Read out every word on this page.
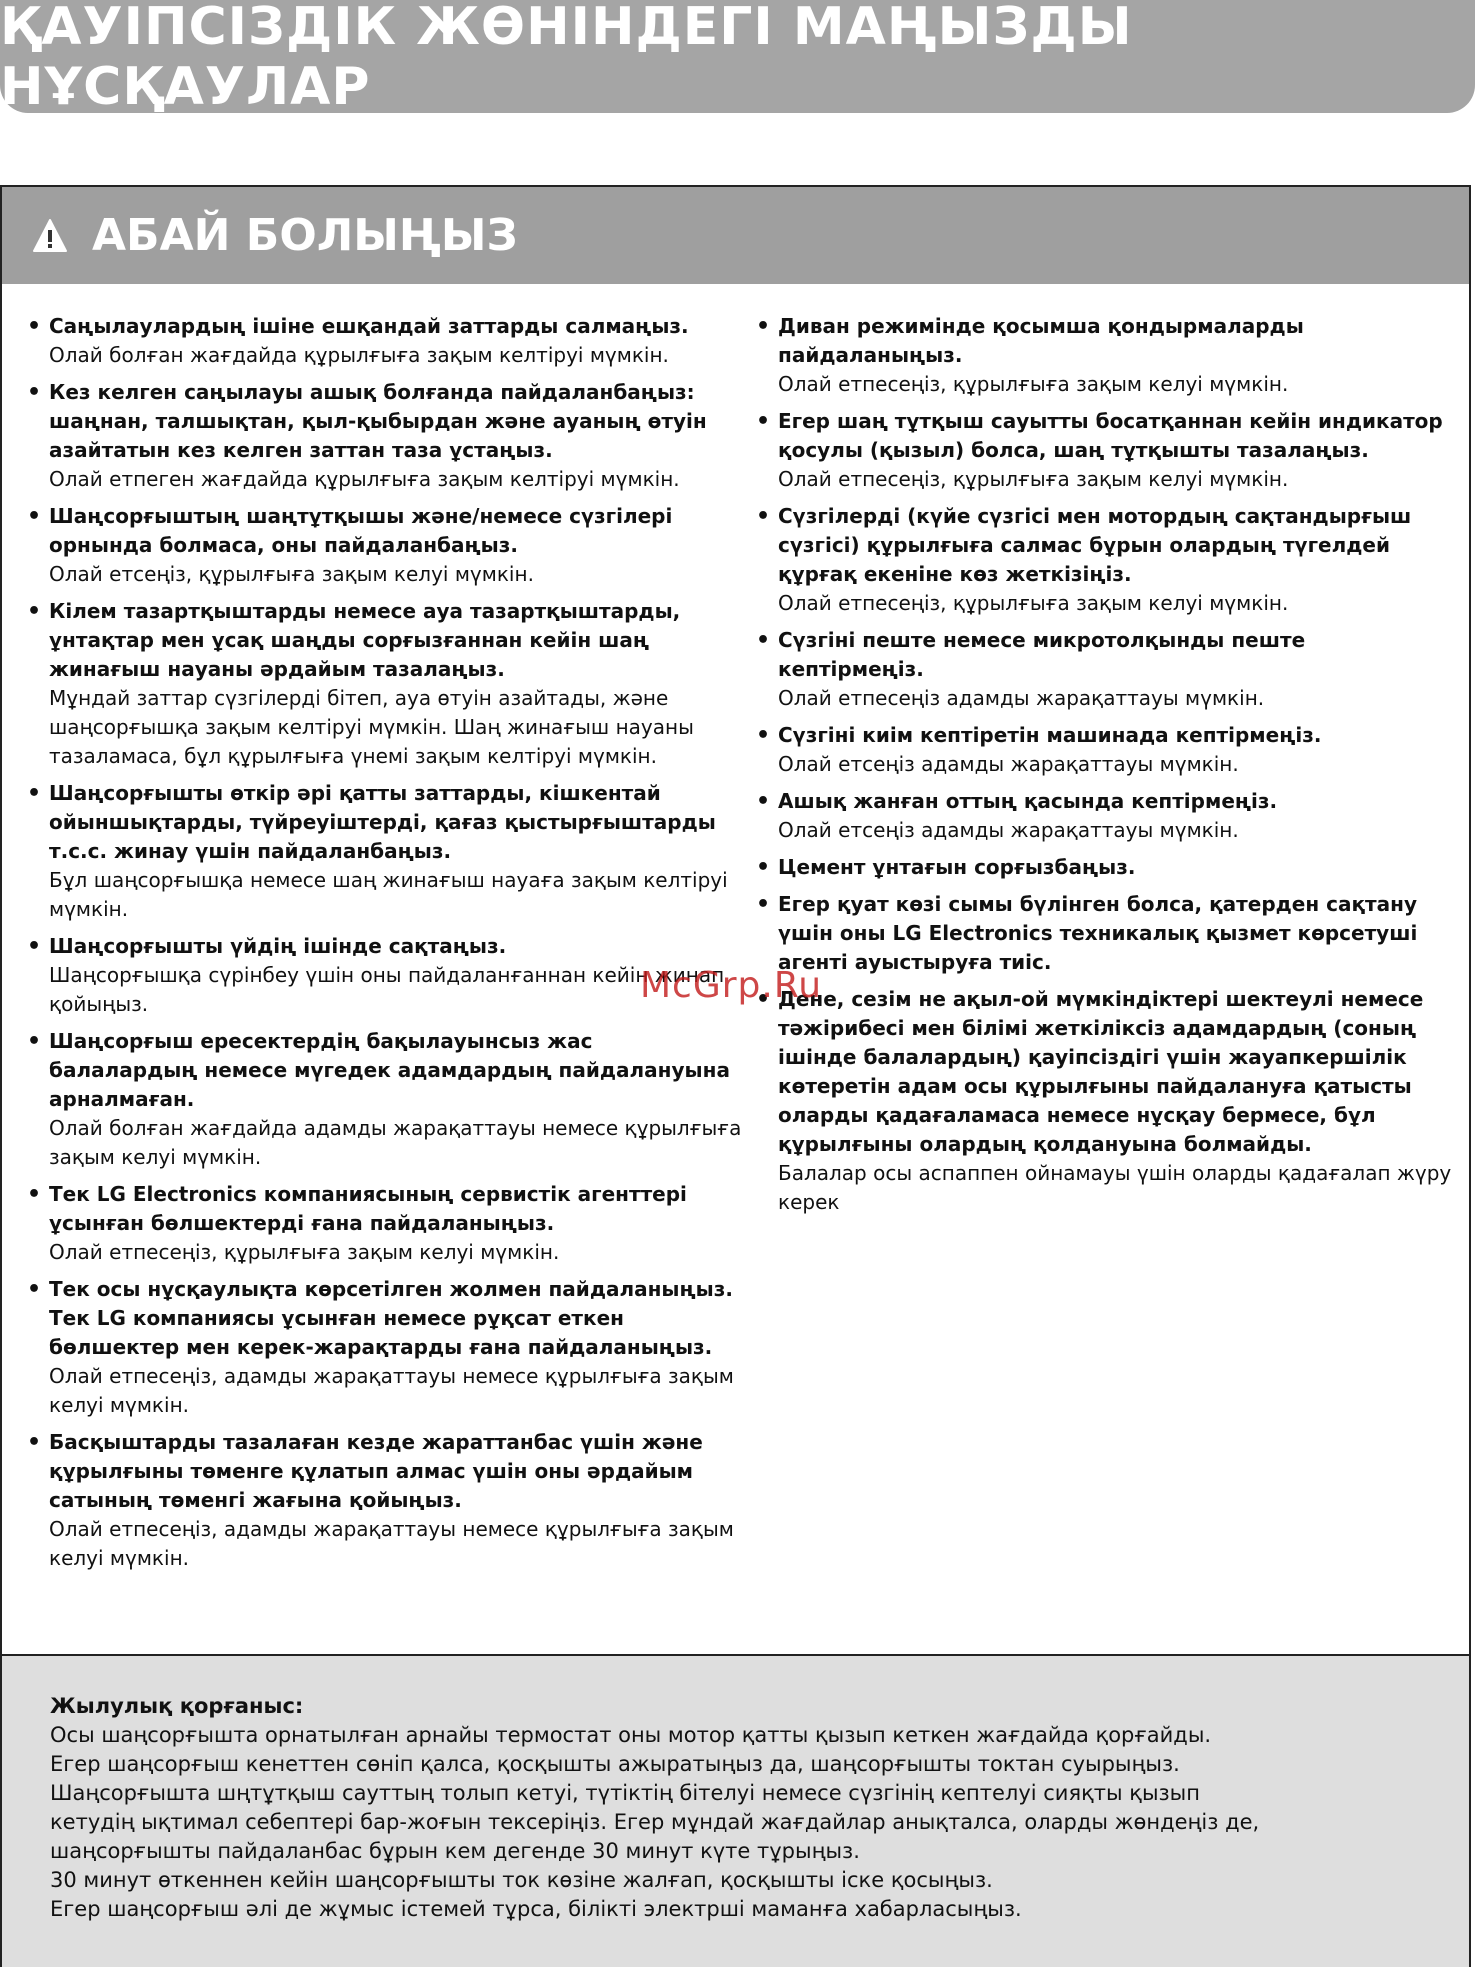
ҚАУІПСІЗДІК ЖӨНІНДЕГІ МАҢЫЗДЫ НҰСҚАУЛАР
АБАЙ БОЛЫҢЫЗ
• Саңылаулардың ішіне ешқандай заттарды салмаңыз.
Олай болған жағдайда құрылғыға зақым келтіруі мүмкін.
• Кез келген саңылауы ашық болғанда пайдаланбаңыз: шаңнан, талшықтан, қыл-қыбырдан және ауаның өтуін азайтатын кез келген заттан таза ұстаңыз.
Олай етпеген жағдайда құрылғыға зақым келтіруі мүмкін.
• Шаңсорғыштың шаңтұтқышы және/немесе сүзгілері орнында болмаса, оны пайдаланбаңыз.
Олай етсеңіз, құрылғыға зақым келуі мүмкін.
• Кілем тазартқыштарды немесе ауа тазартқыштарды, ұнтақтар мен ұсақ шаңды сорғызғаннан кейін шаң жинағыш науаны әрдайым тазалаңыз.
Мұндай заттар сүзгілерді бітеп, ауа өтуін азайтады, және шаңсорғышқа зақым келтіруі мүмкін. Шаң жинағыш науаны тазаламаса, бұл құрылғыға үнемі зақым келтіруі мүмкін.
• Шаңсорғышты өткір әрі қатты заттарды, кішкентай ойыншықтарды, түйреуіштерді, қағаз қыстырғыштарды т.с.с. жинау үшін пайдаланбаңыз.
Бұл шаңсорғышқа немесе шаң жинағыш науаға зақым келтіруі мүмкін.
• Шаңсорғышты үйдің ішінде сақтаңыз.
Шаңсорғышқа сүрінбеу үшін оны пайдаланғаннан кейін жинап қойыңыз.
• Шаңсорғыш ересектердің бақылауынсыз жас балалардың немесе мүгедек адамдардың пайдалануына арналмаған.
Олай болған жағдайда адамды жарақаттауы немесе құрылғыға зақым келуі мүмкін.
• Тек LG Electronics компаниясының сервистік агенттері ұсынған бөлшектерді ғана пайдаланыңыз.
Олай етпесеңіз, құрылғыға зақым келуі мүмкін.
• Тек осы нұсқаулықта көрсетілген жолмен пайдаланыңыз. Тек LG компаниясы ұсынған немесе рұқсат еткен бөлшектер мен керек-жарақтарды ғана пайдаланыңыз.
Олай етпесеңіз, адамды жарақаттауы немесе құрылғыға зақым келуі мүмкін.
• Басқыштарды тазалаған кезде жараттанбас үшін және құрылғыны төменге құлатып алмас үшін оны әрдайым сатының төменгі жағына қойыңыз.
Олай етпесеңіз, адамды жарақаттауы немесе құрылғыға зақым келуі мүмкін.
• Диван режимінде қосымша қондырмаларды пайдаланыңыз.
Олай етпесеңіз, құрылғыға зақым келуі мүмкін.
• Егер шаң тұтқыш сауытты босатқаннан кейін индикатор қосулы (қызыл) болса, шаң тұтқышты тазалаңыз.
Олай етпесеңіз, құрылғыға зақым келуі мүмкін.
• Сүзгілерді (күйе сүзгісі мен мотордың сақтандырғыш сүзгісі) құрылғыға салмас бұрын олардың түгелдей құрғақ екеніне көз жеткізіңіз.
Олай етпесеңіз, құрылғыға зақым келуі мүмкін.
• Сүзгіні пеште немесе микротолқынды пеште кептірмеңіз.
Олай етпесеңіз адамды жарақаттауы мүмкін.
• Сүзгіні киім кептіретін машинада кептірмеңіз.
Олай етсеңіз адамды жарақаттауы мүмкін.
• Ашық жанған оттың қасында кептірмеңіз.
Олай етсеңіз адамды жарақаттауы мүмкін.
• Цемент ұнтағын сорғызбаңыз.
• Егер қуат көзі сымы бүлінген болса, қатерден сақтану үшін оны LG Electronics техникалық қызмет көрсетуші агенті ауыстыруға тиіс.
• Дене, сезім не ақыл-ой мүмкіндіктері шектеулі немесе тәжірибесі мен білімі жеткіліксіз адамдардың (соның ішінде балалардың) қауіпсіздігі үшін жауапкершілік көтеретін адам осы құрылғыны пайдалануға қатысты оларды қадағаламаса немесе нұсқау бермесе, бұл құрылғыны олардың қолдануына болмайды.
Балалар осы аспаппен ойнамауы үшін оларды қадағалап жүру керек
Жылулық қорғаныс:
Осы шаңсорғышта орнатылған арнайы термостат оны мотор қатты қызып кеткен жағдайда қорғайды.
Егер шаңсорғыш кенеттен сөніп қалса, қосқышты ажыратыңыз да, шаңсорғышты токтан суырыңыз.
Шаңсорғышта шңтұтқыш сауттың толып кетуі, түтіктің бітелуі немесе сүзгінің кептелуі сияқты қызып
кетудің ықтимал себептері бар-жоғын тексеріңіз. Егер мұндай жағдайлар анықталса, оларды жөндеңіз де,
шаңсорғышты пайдаланбас бұрын кем дегенде 30 минут күте тұрыңыз.
30 минут өткеннен кейін шаңсорғышты ток көзіне жалғап, қосқышты іске қосыңыз.
Егер шаңсорғыш әлі де жұмыс істемей тұрса, білікті электрші маманға хабарласыңыз.
McGrp.Ru
